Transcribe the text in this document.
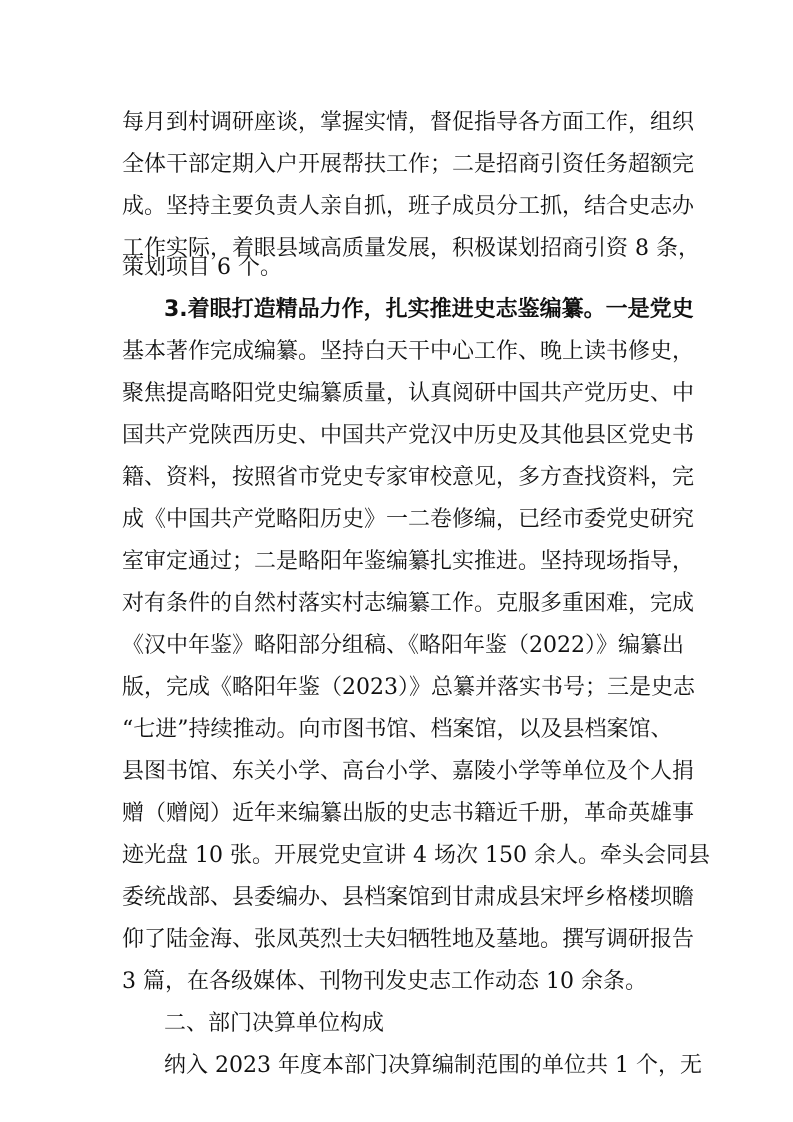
每月到村调研座谈，掌握实情，督促指导各方面工作，组织
全体干部定期入户开展帮扶工作；二是招商引资任务超额完
成。坚持主要负责人亲自抓，班子成员分工抓，结合史志办
工作实际，着眼县域高质量发展，积极谋划招商引资 8 条，
策划项目 6 个。
3.着眼打造精品力作，扎实推进史志鉴编纂。一是党史
基本著作完成编纂。坚持白天干中心工作、晚上读书修史，
聚焦提高略阳党史编纂质量，认真阅研中国共产党历史、中
国共产党陕西历史、中国共产党汉中历史及其他县区党史书
籍、资料，按照省市党史专家审校意见，多方查找资料，完
成《中国共产党略阳历史》一二卷修编，已经市委党史研究
室审定通过；二是略阳年鉴编纂扎实推进。坚持现场指导，
对有条件的自然村落实村志编纂工作。克服多重困难，完成
《汉中年鉴》略阳部分组稿、《略阳年鉴（2022）》编纂出
版，完成《略阳年鉴（2023）》总纂并落实书号；三是史志
“七进”持续推动。向市图书馆、档案馆，以及县档案馆、
县图书馆、东关小学、高台小学、嘉陵小学等单位及个人捐
赠（赠阅）近年来编纂出版的史志书籍近千册，革命英雄事
迹光盘 10 张。开展党史宣讲 4 场次 150 余人。牵头会同县
委统战部、县委编办、县档案馆到甘肃成县宋坪乡格楼坝瞻
仰了陆金海、张凤英烈士夫妇牺牲地及墓地。撰写调研报告
3 篇，在各级媒体、刊物刊发史志工作动态 10 余条。
二、部门决算单位构成
纳入 2023 年度本部门决算编制范围的单位共 1 个，无
